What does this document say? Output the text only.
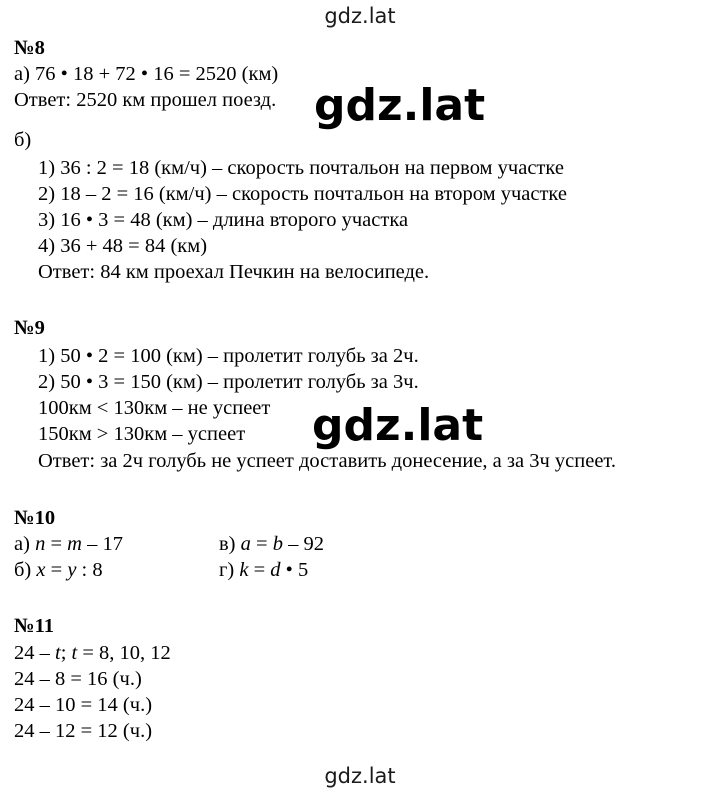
gdz.lat
№8
а) 76 • 18 + 72 • 16 = 2520 (км)
Ответ: 2520 км прошел поезд. gdz.lat
б)
1) 36 : 2 = 18 (км/ч) – скорость почтальон на первом участке
2) 18 – 2 = 16 (км/ч) – скорость почтальон на втором участке
3) 16 • 3 = 48 (км) – длина второго участка
4) 36 + 48 = 84 (км)
Ответ: 84 км проехал Печкин на велосипеде.
№9
1) 50 • 2 = 100 (км) – пролетит голубь за 2ч.
2) 50 • 3 = 150 (км) – пролетит голубь за 3ч.
100км < 130км – не успеет
150км > 130км – успеет gdz.lat
Ответ: за 2ч голубь не успеет доставить донесение, а за 3ч успеет.
№10
а) n = m – 17	в) a = b – 92
б) x = y : 8	г) k = d • 5
№11
24 – t; t = 8, 10, 12
24 – 8 = 16 (ч.)
24 – 10 = 14 (ч.)
24 – 12 = 12 (ч.)
gdz.lat
